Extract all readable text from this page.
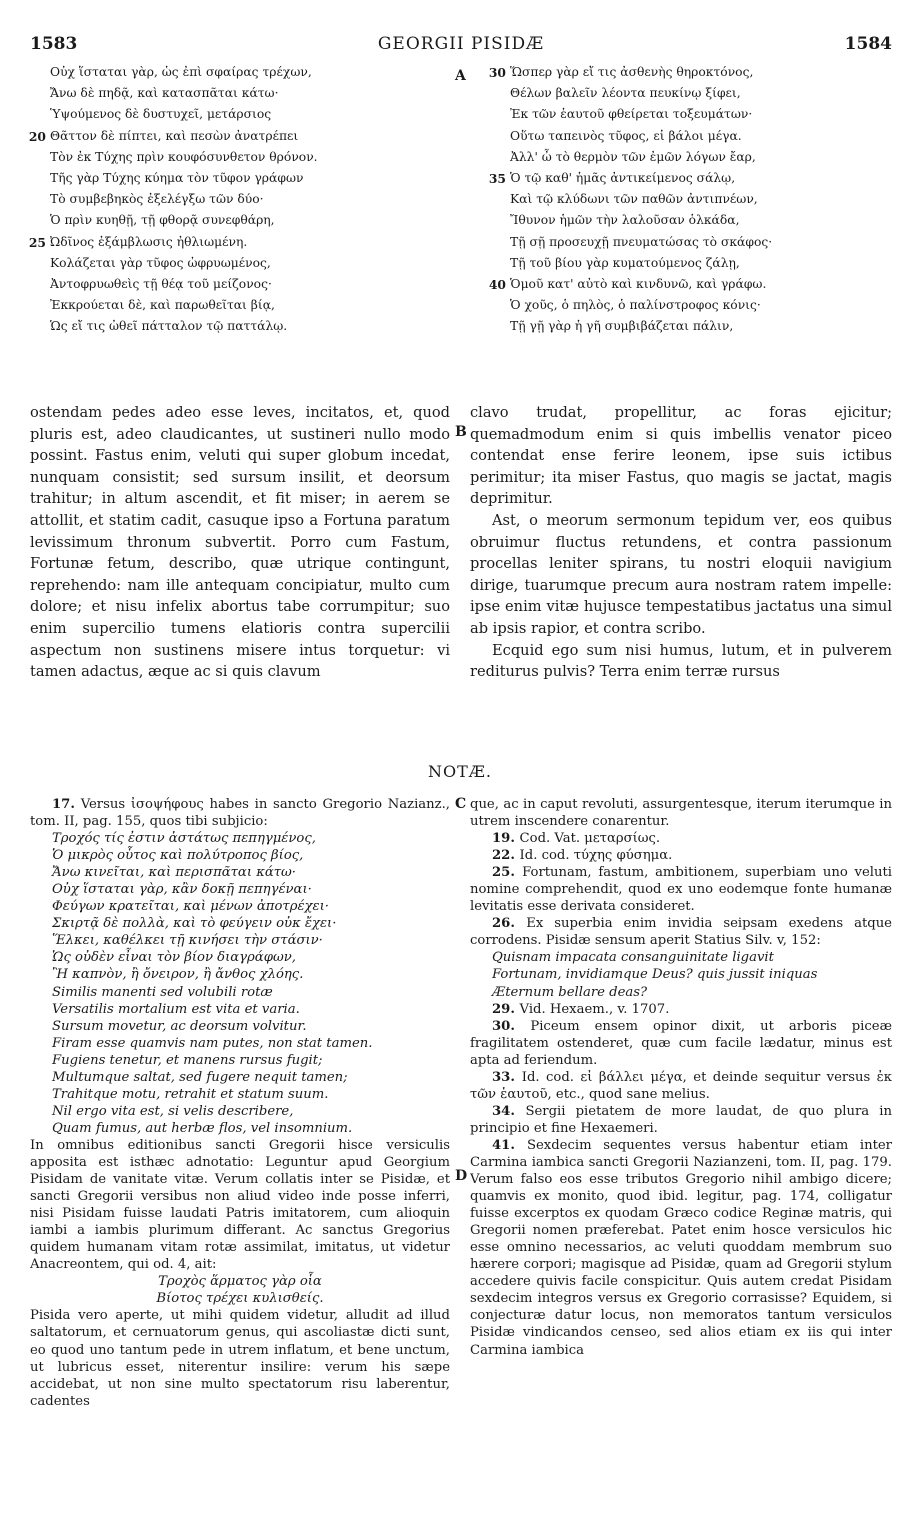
1583	GEORGII PISIDÆ	1584
A
B
C
D
Οὐχ ἵσταται γὰρ, ὡς ἐπὶ σφαίρας τρέχων,
Ἄνω δὲ πηδᾷ, καὶ κατασπᾶται κάτω·
Ὑψούμενος δὲ δυστυχεῖ, μετάρσιος
20 Θᾶττον δὲ πίπτει, καὶ πεσὼν ἀνατρέπει
Τὸν ἐκ Τύχης πρὶν κουφόσυνθετον θρόνον.
Τῆς γὰρ Τύχης κύημα τὸν τῦφον γράφων
Τὸ συμβεβηκὸς ἐξελέγξω τῶν δύο·
Ὁ πρὶν κυηθῇ, τῇ φθορᾷ συνεφθάρη,
25 Ὠδῖνος ἐξάμβλωσις ἠθλιωμένη.
Κολάζεται γὰρ τῦφος ὠφρυωμένος,
Ἀντοφρυωθεὶς τῇ θέᾳ τοῦ μείζονος·
Ἐκκρούεται δὲ, καὶ παρωθεῖται βίᾳ,
Ὡς εἴ τις ὠθεῖ πάτταλον τῷ παττάλῳ.
30 Ὥσπερ γὰρ εἴ τις ἀσθενὴς θηροκτόνος,
Θέλων βαλεῖν λέοντα πευκίνῳ ξίφει,
Ἐκ τῶν ἑαυτοῦ φθείρεται τοξευμάτων·
Οὕτω ταπεινὸς τῦφος, εἰ βάλοι μέγα.
Ἀλλ' ὦ τὸ θερμὸν τῶν ἐμῶν λόγων ἔαρ,
35 Ὁ τῷ καθ' ἡμᾶς ἀντικείμενος σάλῳ,
Καὶ τῷ κλύδωνι τῶν παθῶν ἀντιπνέων,
Ἴθυνον ἡμῶν τὴν λαλοῦσαν ὁλκάδα,
Τῇ σῇ προσευχῇ πνευματώσας τὸ σκάφος·
Τῇ τοῦ βίου γὰρ κυματούμενος ζάλῃ,
40 Ὁμοῦ κατ' αὐτὸ καὶ κινδυνῶ, καὶ γράφω.
Ὁ χοῦς, ὁ πηλὸς, ὁ παλίνστροφος κόνις·
Τῇ γῇ γὰρ ἡ γῆ συμβιβάζεται πάλιν,

ostendam pedes adeo esse leves, incitatos, et, quod pluris est, adeo claudicantes, ut sustineri nullo modo possint. Fastus enim, veluti qui super globum incedat, nunquam consistit; sed sursum insilit, et deorsum trahitur; in altum ascendit, et fit miser; in aerem se attollit, et statim cadit, casuque ipso a Fortuna paratum levissimum thronum subvertit. Porro cum Fastum, Fortunæ fetum, describo, quæ utrique contingunt, reprehendo: nam ille antequam concipiatur, multo cum dolore; et nisu infelix abortus tabe corrumpitur; suo enim supercilio tumens elatioris contra supercilii aspectum non sustinens misere intus torquetur: vi tamen adactus, æque ac si quis clavum

clavo trudat, propellitur, ac foras ejicitur; quemadmodum enim si quis imbellis venator piceo contendat ense ferire leonem, ipse suis ictibus perimitur; ita miser Fastus, quo magis se jactat, magis deprimitur.

Ast, o meorum sermonum tepidum ver, eos quibus obruimur fluctus retundens, et contra passionum procellas leniter spirans, tu nostri eloquii navigium dirige, tuarumque precum aura nostram ratem impelle: ipse enim vitæ hujusce tempestatibus jactatus una simul ab ipsis rapior, et contra scribo.

Ecquid ego sum nisi humus, lutum, et in pulverem rediturus pulvis? Terra enim terræ rursus

NOTÆ.

17. Versus ἰσοψήφους habes in sancto Gregorio Nazianz., tom. II, pag. 155, quos tibi subjicio:

Τροχός τίς ἐστιν ἀστάτως πεπηγμένος,
Ὁ μικρὸς οὗτος καὶ πολύτροπος βίος,
Ἄνω κινεῖται, καὶ περισπᾶται κάτω·
Οὐχ ἵσταται γὰρ, κἂν δοκῇ πεπηγέναι·
Φεύγων κρατεῖται, καὶ μένων ἀποτρέχει·
Σκιρτᾷ δὲ πολλὰ, καὶ τὸ φεύγειν οὐκ ἔχει·
Ἕλκει, καθέλκει τῇ κινήσει τὴν στάσιν·
Ὡς οὐδὲν εἶναι τὸν βίον διαγράφων,
Ἢ καπνὸν, ἢ ὄνειρον, ἢ ἄνθος χλόης.
Similis manenti sed volubili rotæ
Versatilis mortalium est vita et varia.
Sursum movetur, ac deorsum volvitur.
Firam esse quamvis nam putes, non stat tamen.
Fugiens tenetur, et manens rursus fugit;
Multumque saltat, sed fugere nequit tamen;
Trahitque motu, retrahit et statum suum.
Nil ergo vita est, si velis describere,
Quam fumus, aut herbæ flos, vel insomnium.

In omnibus editionibus sancti Gregorii hisce versiculis apposita est isthæc adnotatio: Leguntur apud Georgium Pisidam de vanitate vitæ. Verum collatis inter se Pisidæ, et sancti Gregorii versibus non aliud video inde posse inferri, nisi Pisidam fuisse laudati Patris imitatorem, cum alioquin iambi a iambis plurimum differant. Ac sanctus Gregorius quidem humanam vitam rotæ assimilat, imitatus, ut videtur Anacreontem, qui od. 4, ait:

Τροχὸς ἅρματος γὰρ οἷα
Βίοτος τρέχει κυλισθείς.

Pisida vero aperte, ut mihi quidem videtur, alludit ad illud saltatorum, et cernuatorum genus, qui ascoliastæ dicti sunt, eo quod uno tantum pede in utrem inflatum, et bene unctum, ut lubricus esset, niterentur insilire: verum his sæpe accidebat, ut non sine multo spectatorum risu laberentur, cadentes

que, ac in caput revoluti, assurgentesque, iterum iterumque in utrem inscendere conarentur.

19. Cod. Vat. μεταρσίως.

22. Id. cod. τύχης φύσημα.

25. Fortunam, fastum, ambitionem, superbiam uno veluti nomine comprehendit, quod ex uno eodemque fonte humanæ levitatis esse derivata consideret.

26. Ex superbia enim invidia seipsam exedens atque corrodens. Pisidæ sensum aperit Statius Silv. v, 152:

Quisnam impacata consanguinitate ligavit
Fortunam, invidiamque Deus? quis jussit iniquas
Æternum bellare deas?

29. Vid. Hexaem., v. 1707.

30. Piceum ensem opinor dixit, ut arboris piceæ fragilitatem ostenderet, quæ cum facile lædatur, minus est apta ad feriendum.

33. Id. cod. εἰ βάλλει μέγα, et deinde sequitur versus ἐκ τῶν ἑαυτοῦ, etc., quod sane melius.

34. Sergii pietatem de more laudat, de quo plura in principio et fine Hexaemeri.

41. Sexdecim sequentes versus habentur etiam inter Carmina iambica sancti Gregorii Nazianzeni, tom. II, pag. 179. Verum falso eos esse tributos Gregorio nihil ambigo dicere; quamvis ex monito, quod ibid. legitur, pag. 174, colligatur fuisse excerptos ex quodam Græco codice Reginæ matris, qui Gregorii nomen præferebat. Patet enim hosce versiculos hic esse omnino necessarios, ac veluti quoddam membrum suo hærere corpori; magisque ad Pisidæ, quam ad Gregorii stylum accedere quivis facile conspicitur. Quis autem credat Pisidam sexdecim integros versus ex Gregorio corrasisse? Equidem, si conjecturæ datur locus, non memoratos tantum versiculos Pisidæ vindicandos censeo, sed alios etiam ex iis qui inter Carmina iambica
